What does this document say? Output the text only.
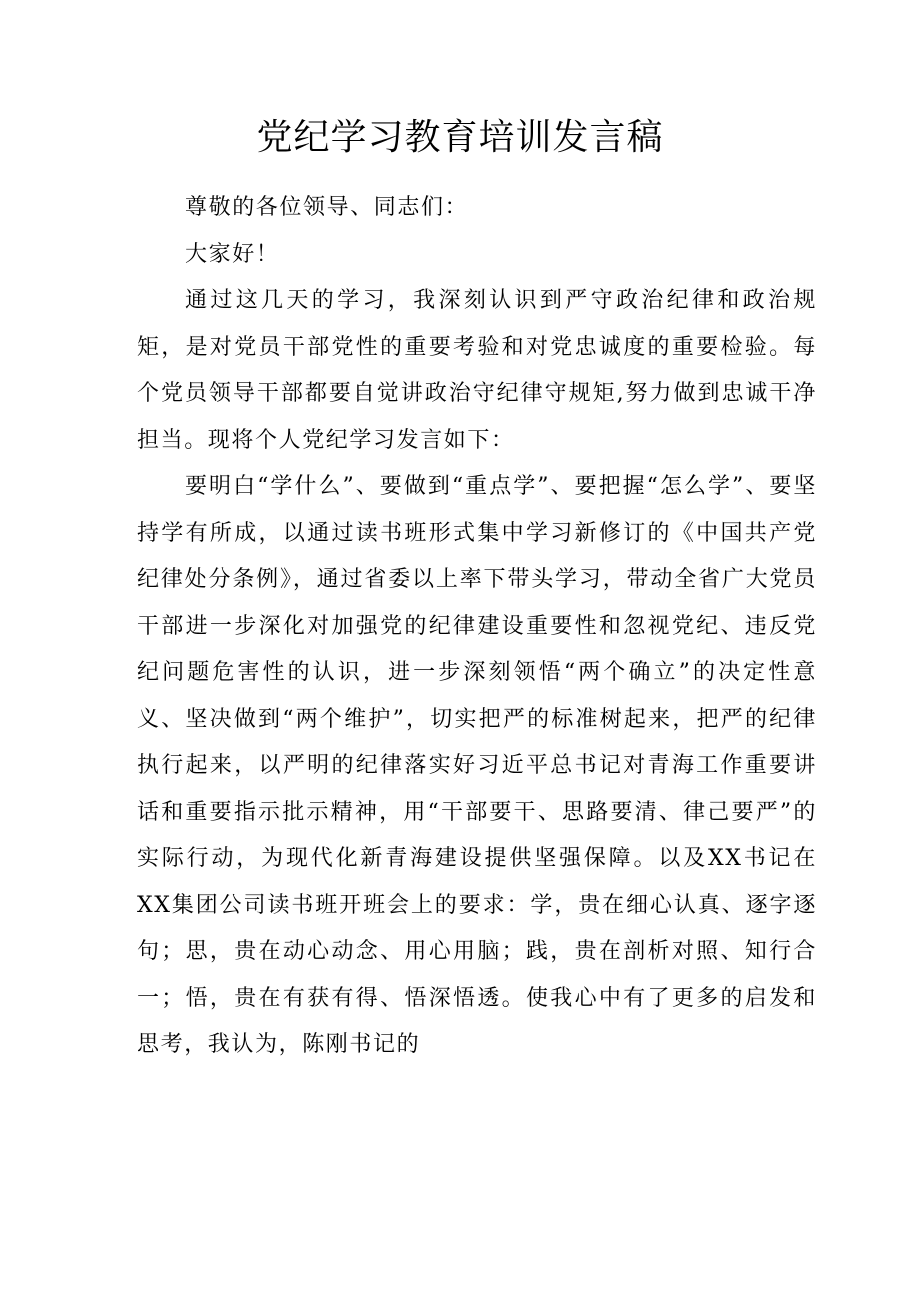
党纪学习教育培训发言稿

尊敬的各位领导、同志们：

大家好！

通过这几天的学习，我深刻认识到严守政治纪律和政治规矩，是对党员干部党性的重要考验和对党忠诚度的重要检验。每个党员领导干部都要自觉讲政治守纪律守规矩,努力做到忠诚干净担当。现将个人党纪学习发言如下：

要明白“学什么”、要做到“重点学”、要把握“怎么学”、要坚持学有所成，以通过读书班形式集中学习新修订的《中国共产党纪律处分条例》，通过省委以上率下带头学习，带动全省广大党员干部进一步深化对加强党的纪律建设重要性和忽视党纪、违反党纪问题危害性的认识，进一步深刻领悟“两个确立”的决定性意义、坚决做到“两个维护”，切实把严的标准树起来，把严的纪律执行起来，以严明的纪律落实好习近平总书记对青海工作重要讲话和重要指示批示精神，用“干部要干、思路要清、律己要严”的实际行动，为现代化新青海建设提供坚强保障。以及XX书记在XX集团公司读书班开班会上的要求：学，贵在细心认真、逐字逐句；思，贵在动心动念、用心用脑；践，贵在剖析对照、知行合一；悟，贵在有获有得、悟深悟透。使我心中有了更多的启发和思考，我认为，陈刚书记的
